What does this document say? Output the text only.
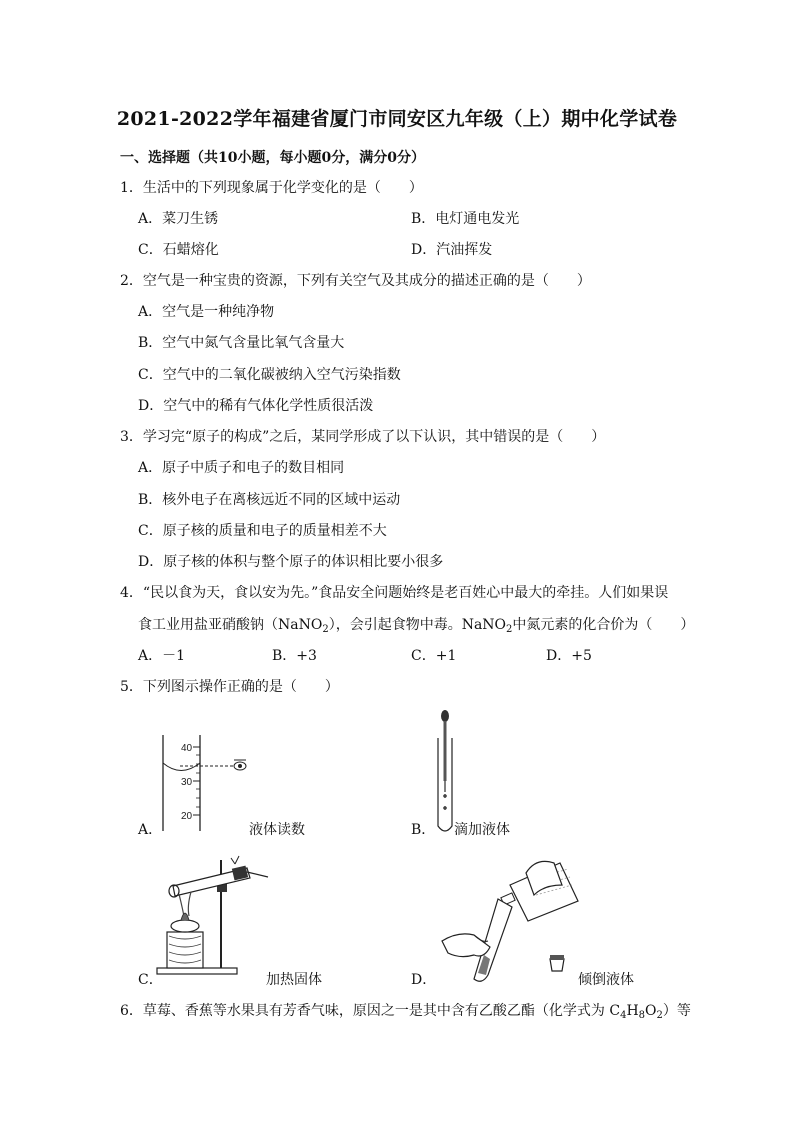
2021-2022学年福建省厦门市同安区九年级（上）期中化学试卷
一、选择题（共10小题，每小题0分，满分0分）
1．生活中的下列现象属于化学变化的是（　　）
A．菜刀生锈	B．电灯通电发光
C．石蜡熔化	D．汽油挥发
2．空气是一种宝贵的资源，下列有关空气及其成分的描述正确的是（　　）
A．空气是一种纯净物
B．空气中氮气含量比氧气含量大
C．空气中的二氧化碳被纳入空气污染指数
D．空气中的稀有气体化学性质很活泼
3．学习完“原子的构成”之后，某同学形成了以下认识，其中错误的是（　　）
A．原子中质子和电子的数目相同
B．核外电子在离核远近不同的区域中运动
C．原子核的质量和电子的质量相差不大
D．原子核的体积与整个原子的体识相比要小很多
4．“民以食为天，食以安为先。”食品安全问题始终是老百姓心中最大的牵挂。人们如果误
食工业用盐亚硝酸钠（NaNO$_2$），会引起食物中毒。NaNO$_2$中氮元素的化合价为（　　）
A．－1	B．+3	C．+1	D．+5
5．下列图示操作正确的是（　　）
A．
40
30
20
液体读数	B． 滴加液体
C．	加热固体	D．	倾倒液体
6．草莓、香蕉等水果具有芳香气味，原因之一是其中含有乙酸乙酯（化学式为 $C_4H_8O_2$）等
